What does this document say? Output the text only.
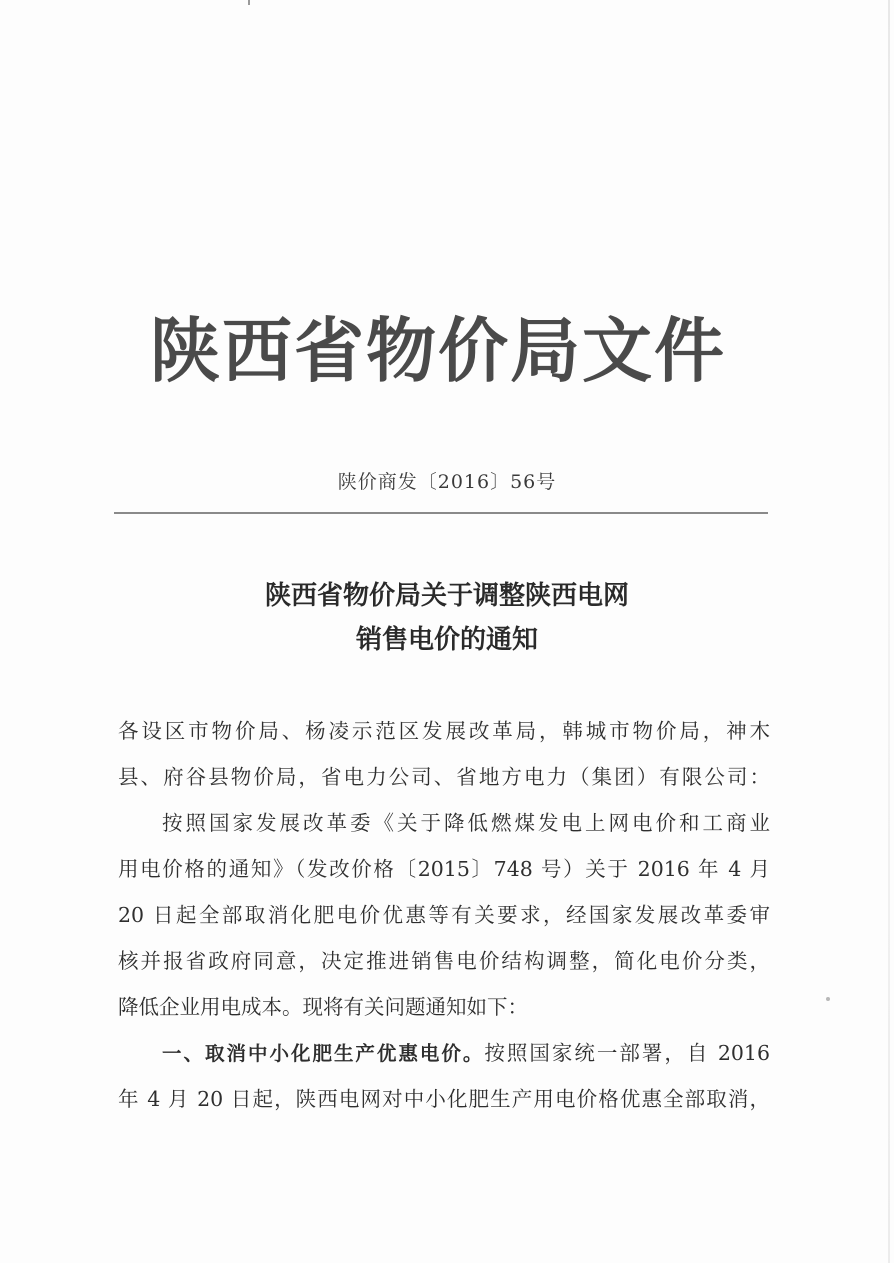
陕西省物价局文件
陕价商发〔2016〕56号
陕西省物价局关于调整陕西电网
销售电价的通知
各设区市物价局、杨凌示范区发展改革局，韩城市物价局，神木
县、府谷县物价局，省电力公司、省地方电力（集团）有限公司：
按照国家发展改革委《关于降低燃煤发电上网电价和工商业
用电价格的通知》（发改价格〔2015〕748 号）关于 2016 年 4 月
20 日起全部取消化肥电价优惠等有关要求，经国家发展改革委审
核并报省政府同意，决定推进销售电价结构调整，简化电价分类，
降低企业用电成本。现将有关问题通知如下：
一、取消中小化肥生产优惠电价。按照国家统一部署，自 2016
年 4 月 20 日起，陕西电网对中小化肥生产用电价格优惠全部取消，
